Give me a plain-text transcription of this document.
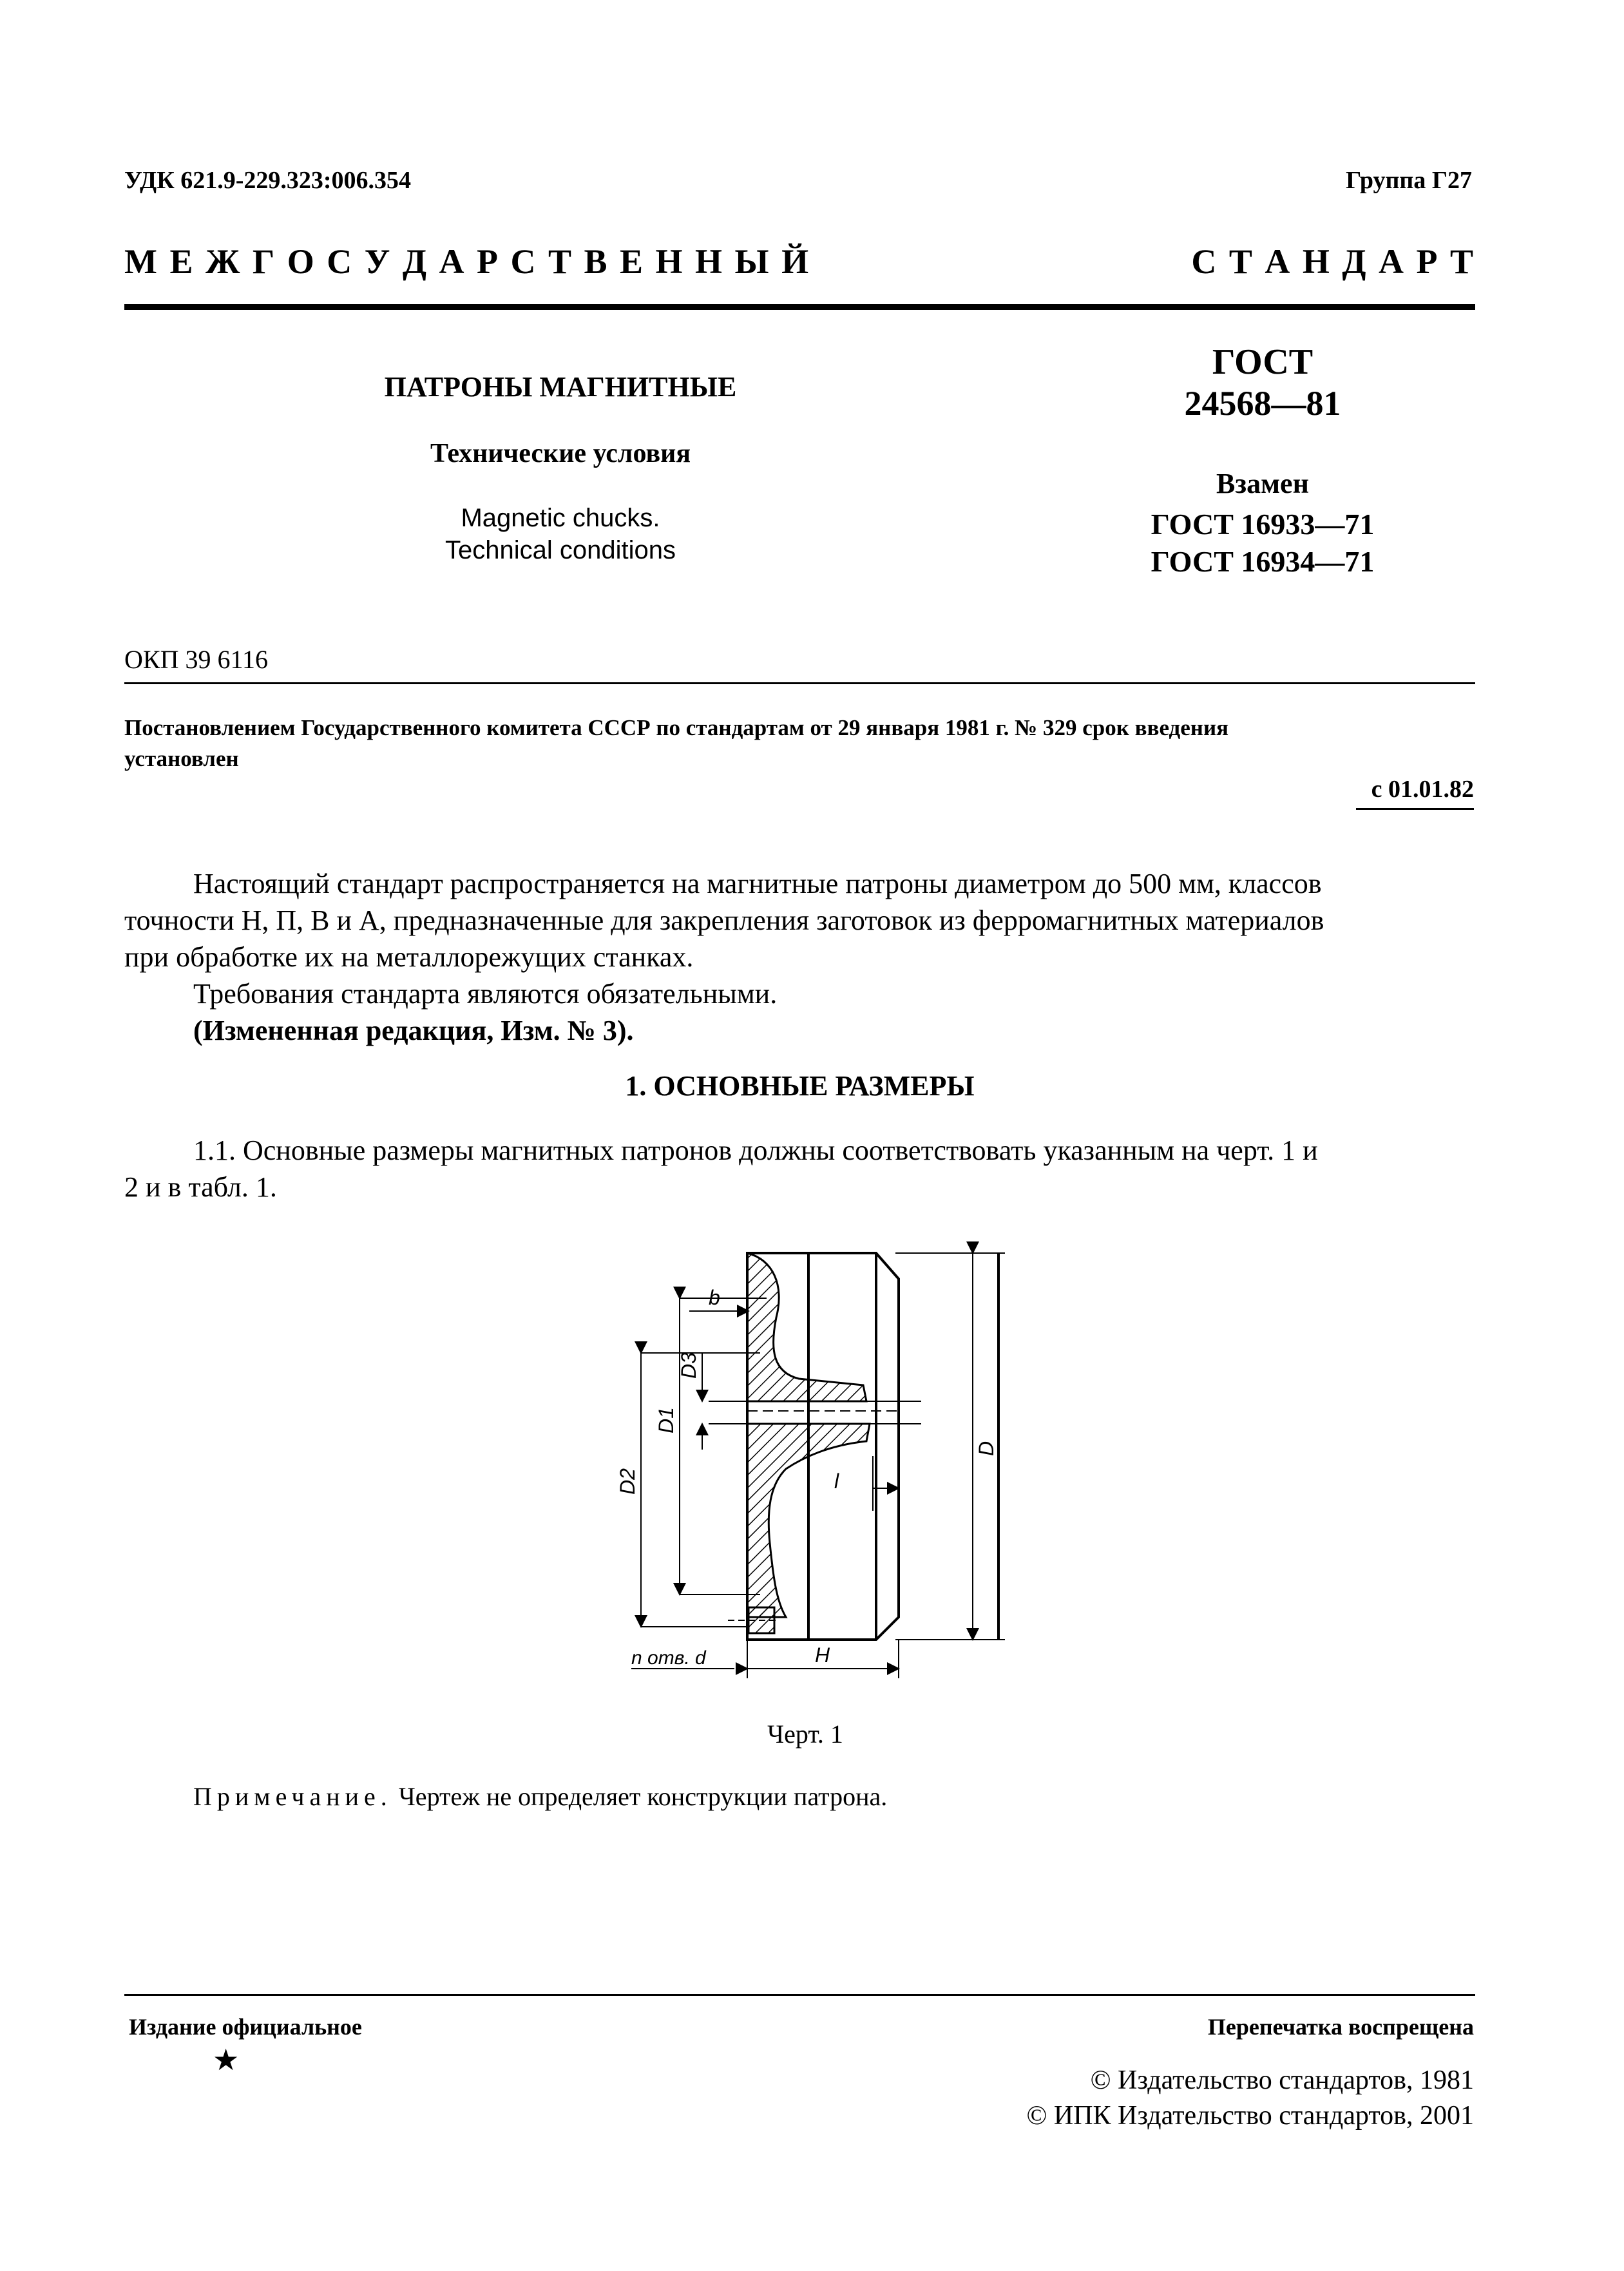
УДК 621.9-229.323:006.354	Группа Г27
М Е Ж Г О С У Д А Р С Т В Е Н Н Ы Й	С Т А Н Д А Р Т
ПАТРОНЫ МАГНИТНЫЕ
Технические условия
Magnetic chucks.
Technical conditions
ГОСТ
24568—81
Взамен
ГОСТ 16933—71
ГОСТ 16934—71
ОКП 39 6116
Постановлением Государственного комитета СССР по стандартам от 29 января 1981 г. № 329 срок введения
установлен
с 01.01.82
Настоящий стандарт распространяется на магнитные патроны диаметром до 500 мм, классов
точности Н, П, В и А, предназначенные для закрепления заготовок из ферромагнитных материалов
при обработке их на металлорежущих станках.
Требования стандарта являются обязательными.
(Измененная редакция, Изм. № 3).
1. ОСНОВНЫЕ РАЗМЕРЫ
1.1. Основные размеры магнитных патронов должны соответствовать указанным на черт. 1 и
2 и в табл. 1.
b
D3
D1
D2
D
l
H
n отв. d
Черт. 1
Примечание. Чертеж не определяет конструкции патрона.
Издание официальное
★
Перепечатка воспрещена
© Издательство стандартов, 1981
© ИПК Издательство стандартов, 2001
